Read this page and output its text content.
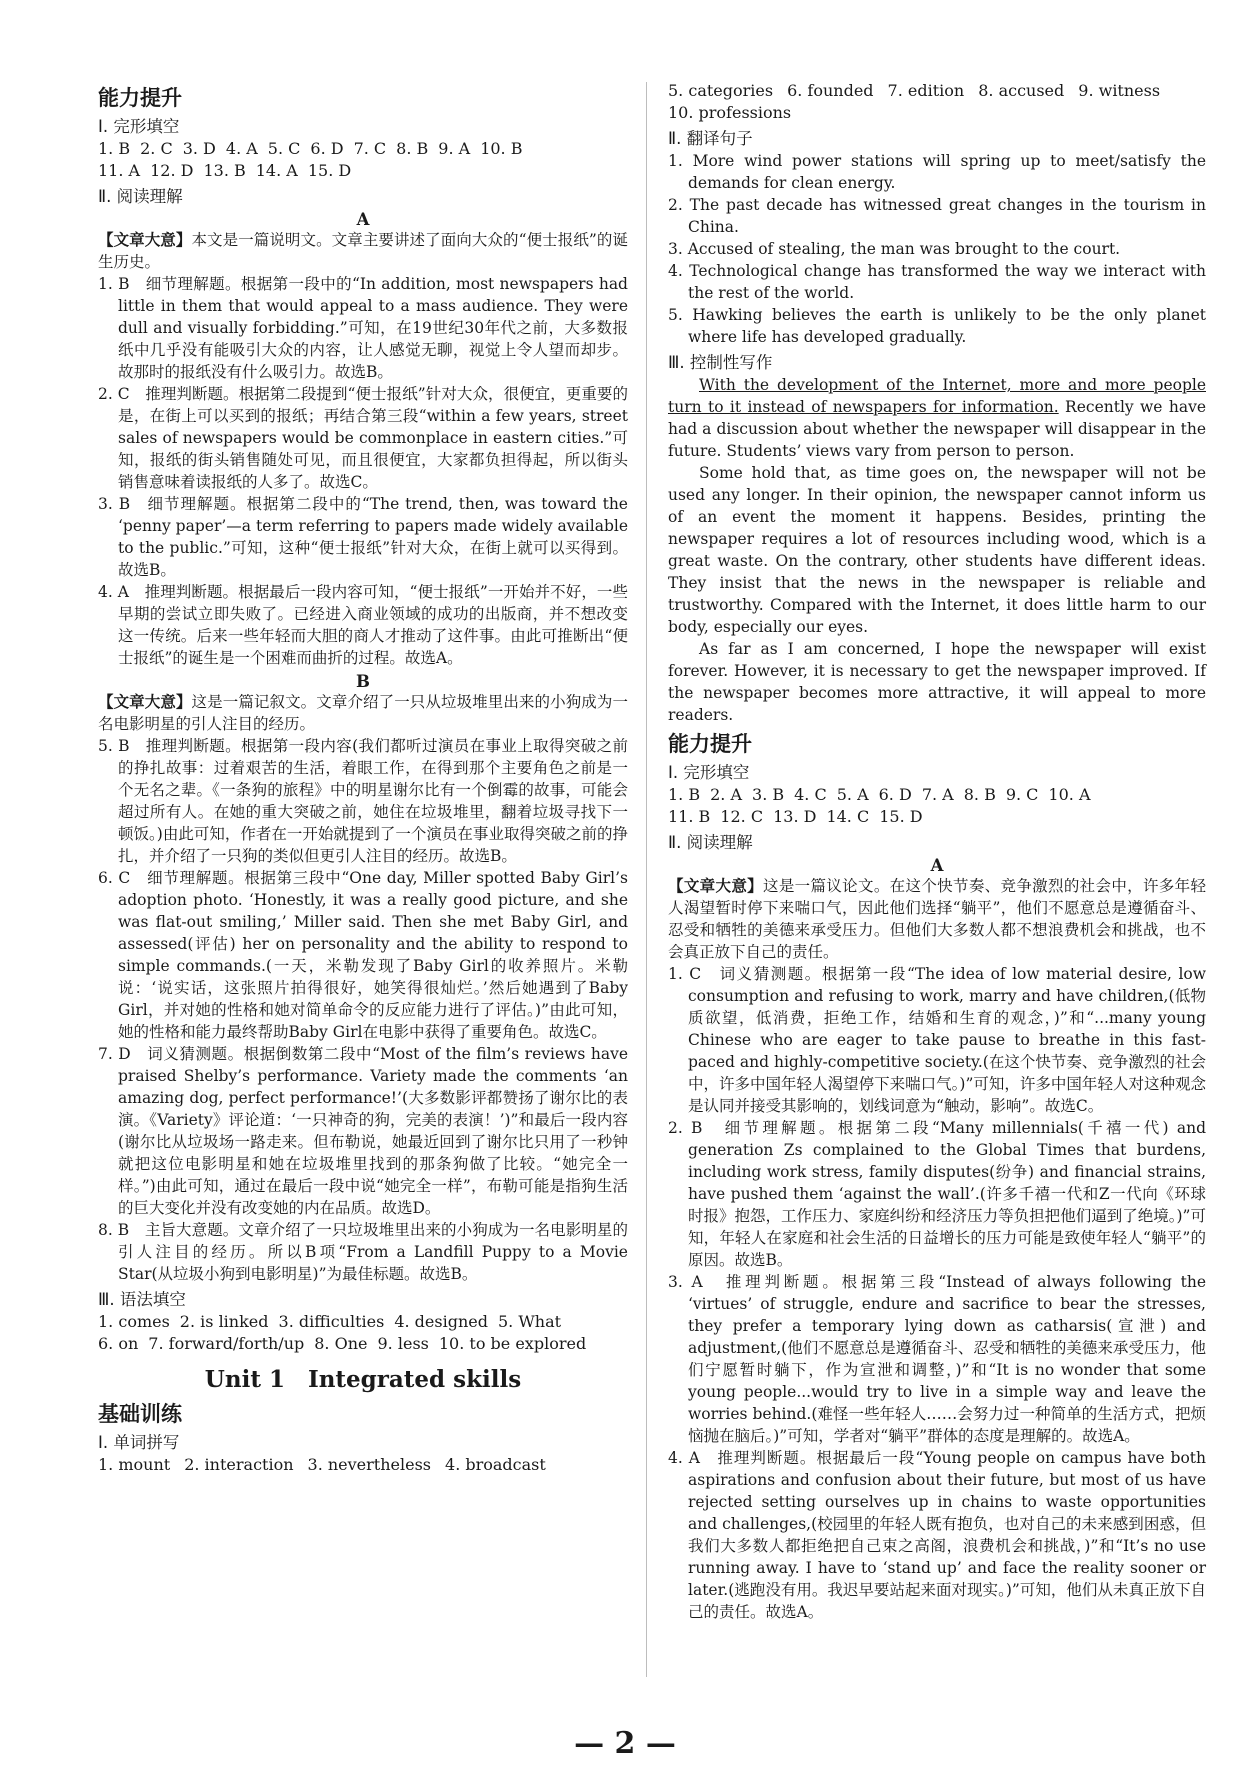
能力提升
Ⅰ. 完形填空
1. B 2. C 3. D 4. A 5. C 6. D 7. C 8. B 9. A 10. B
11. A 12. D 13. B 14. A 15. D
Ⅱ. 阅读理解
A
【文章大意】本文是一篇说明文。文章主要讲述了面向大众的“便士报纸”的诞生历史。
1. B　细节理解题。根据第一段中的“In addition, most newspapers had little in them that would appeal to a mass audience. They were dull and visually forbidding.”可知，在19世纪30年代之前，大多数报纸中几乎没有能吸引大众的内容，让人感觉无聊，视觉上令人望而却步。故那时的报纸没有什么吸引力。故选B。
2. C　推理判断题。根据第二段提到“便士报纸”针对大众，很便宜，更重要的是，在街上可以买到的报纸；再结合第三段“within a few years, street sales of newspapers would be commonplace in eastern cities.”可知，报纸的街头销售随处可见，而且很便宜，大家都负担得起，所以街头销售意味着读报纸的人多了。故选C。
3. B　细节理解题。根据第二段中的“The trend, then, was toward the ‘penny paper’—a term referring to papers made widely available to the public.”可知，这种“便士报纸”针对大众，在街上就可以买得到。故选B。
4. A　推理判断题。根据最后一段内容可知，“便士报纸”一开始并不好，一些早期的尝试立即失败了。已经进入商业领域的成功的出版商，并不想改变这一传统。后来一些年轻而大胆的商人才推动了这件事。由此可推断出“便士报纸”的诞生是一个困难而曲折的过程。故选A。
B
【文章大意】这是一篇记叙文。文章介绍了一只从垃圾堆里出来的小狗成为一名电影明星的引人注目的经历。
5. B　推理判断题。根据第一段内容(我们都听过演员在事业上取得突破之前的挣扎故事：过着艰苦的生活，着眼工作，在得到那个主要角色之前是一个无名之辈。《一条狗的旅程》中的明星谢尔比有一个倒霉的故事，可能会超过所有人。在她的重大突破之前，她住在垃圾堆里，翻着垃圾寻找下一顿饭。)由此可知，作者在一开始就提到了一个演员在事业取得突破之前的挣扎，并介绍了一只狗的类似但更引人注目的经历。故选B。
6. C　细节理解题。根据第三段中“One day, Miller spotted Baby Girl’s adoption photo. ‘Honestly, it was a really good picture, and she was flat-out smiling,’ Miller said. Then she met Baby Girl, and assessed(评估) her on personality and the ability to respond to simple commands.(一天，米勒发现了Baby Girl的收养照片。米勒说：‘说实话，这张照片拍得很好，她笑得很灿烂。’然后她遇到了Baby Girl，并对她的性格和她对简单命令的反应能力进行了评估。)”由此可知，她的性格和能力最终帮助Baby Girl在电影中获得了重要角色。故选C。
7. D　词义猜测题。根据倒数第二段中“Most of the film’s reviews have praised Shelby’s performance. Variety made the comments ‘an amazing dog, perfect performance!’(大多数影评都赞扬了谢尔比的表演。《Variety》评论道：‘一只神奇的狗，完美的表演！’)”和最后一段内容(谢尔比从垃圾场一路走来。但布勒说，她最近回到了谢尔比只用了一秒钟就把这位电影明星和她在垃圾堆里找到的那条狗做了比较。“她完全一样。”)由此可知，通过在最后一段中说“她完全一样”，布勒可能是指狗生活的巨大变化并没有改变她的内在品质。故选D。
8. B　主旨大意题。文章介绍了一只垃圾堆里出来的小狗成为一名电影明星的引人注目的经历。所以B项“From a Landfill Puppy to a Movie Star(从垃圾小狗到电影明星)”为最佳标题。故选B。
Ⅲ. 语法填空
1. comes 2. is linked 3. difficulties 4. designed 5. What
6. on 7. forward/forth/up 8. One 9. less 10. to be explored
Unit 1　Integrated skills
基础训练
Ⅰ. 单词拼写
1. mount 2. interaction 3. nevertheless 4. broadcast
5. categories 6. founded 7. edition 8. accused 9. witness
10. professions
Ⅱ. 翻译句子
1. More wind power stations will spring up to meet/satisfy the demands for clean energy.
2. The past decade has witnessed great changes in the tourism in China.
3. Accused of stealing, the man was brought to the court.
4. Technological change has transformed the way we interact with the rest of the world.
5. Hawking believes the earth is unlikely to be the only planet where life has developed gradually.
Ⅲ. 控制性写作
With the development of the Internet, more and more people turn to it instead of newspapers for information. Recently we have had a discussion about whether the newspaper will disappear in the future. Students’ views vary from person to person.
Some hold that, as time goes on, the newspaper will not be used any longer. In their opinion, the newspaper cannot inform us of an event the moment it happens. Besides, printing the newspaper requires a lot of resources including wood, which is a great waste. On the contrary, other students have different ideas. They insist that the news in the newspaper is reliable and trustworthy. Compared with the Internet, it does little harm to our body, especially our eyes.
As far as I am concerned, I hope the newspaper will exist forever. However, it is necessary to get the newspaper improved. If the newspaper becomes more attractive, it will appeal to more readers.
能力提升
Ⅰ. 完形填空
1. B 2. A 3. B 4. C 5. A 6. D 7. A 8. B 9. C 10. A
11. B 12. C 13. D 14. C 15. D
Ⅱ. 阅读理解
A
【文章大意】这是一篇议论文。在这个快节奏、竞争激烈的社会中，许多年轻人渴望暂时停下来喘口气，因此他们选择“躺平”，他们不愿意总是遵循奋斗、忍受和牺牲的美德来承受压力。但他们大多数人都不想浪费机会和挑战，也不会真正放下自己的责任。
1. C　词义猜测题。根据第一段“The idea of low material desire, low consumption and refusing to work, marry and have children,(低物质欲望，低消费，拒绝工作，结婚和生育的观念，)”和“...many young Chinese who are eager to take pause to breathe in this fast-paced and highly-competitive society.(在这个快节奏、竞争激烈的社会中，许多中国年轻人渴望停下来喘口气。)”可知，许多中国年轻人对这种观念是认同并接受其影响的，划线词意为“触动，影响”。故选C。
2. B　细节理解题。根据第二段“Many millennials(千禧一代) and generation Zs complained to the Global Times that burdens, including work stress, family disputes(纷争) and financial strains, have pushed them ‘against the wall’.(许多千禧一代和Z一代向《环球时报》抱怨，工作压力、家庭纠纷和经济压力等负担把他们逼到了绝境。)”可知，年轻人在家庭和社会生活的日益增长的压力可能是致使年轻人“躺平”的原因。故选B。
3. A　推理判断题。根据第三段“Instead of always following the ‘virtues’ of struggle, endure and sacrifice to bear the stresses, they prefer a temporary lying down as catharsis(宣泄) and adjustment,(他们不愿意总是遵循奋斗、忍受和牺牲的美德来承受压力，他们宁愿暂时躺下，作为宣泄和调整，)”和“It is no wonder that some young people...would try to live in a simple way and leave the worries behind.(难怪一些年轻人……会努力过一种简单的生活方式，把烦恼抛在脑后。)”可知，学者对“躺平”群体的态度是理解的。故选A。
4. A　推理判断题。根据最后一段“Young people on campus have both aspirations and confusion about their future, but most of us have rejected setting ourselves up in chains to waste opportunities and challenges,(校园里的年轻人既有抱负，也对自己的未来感到困惑，但我们大多数人都拒绝把自己束之高阁，浪费机会和挑战，)”和“It’s no use running away. I have to ‘stand up’ and face the reality sooner or later.(逃跑没有用。我迟早要站起来面对现实。)”可知，他们从未真正放下自己的责任。故选A。
— 2 —
